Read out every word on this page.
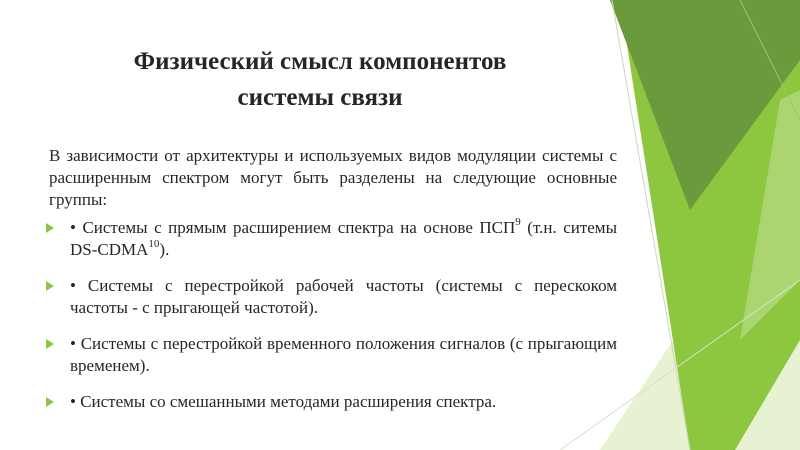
Физический смысл компонентов
системы связи

В зависимости от архитектуры и используемых видов модуляции системы с расширенным спектром могут быть разделены на следующие основные группы:

• Системы с прямым расширением спектра на основе ПСП$^9$ (т.н. ситемы DS-CDMA$^{10}$).
• Системы с перестройкой рабочей частоты (системы с перескоком частоты - с прыгающей частотой).
• Системы с перестройкой временного положения сигналов (с прыгающим временем).
• Системы со смешанными методами расширения спектра.
